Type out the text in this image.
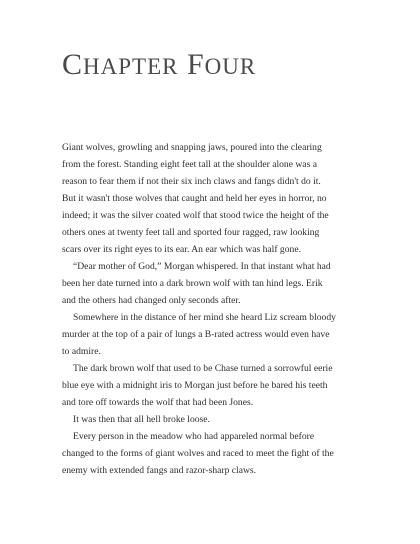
CHAPTER FOUR

Giant wolves, growling and snapping jaws, poured into the clearing
from the forest. Standing eight feet tall at the shoulder alone was a
reason to fear them if not their six inch claws and fangs didn't do it.
But it wasn't those wolves that caught and held her eyes in horror, no
indeed; it was the silver coated wolf that stood twice the height of the
others ones at twenty feet tall and sported four ragged, raw looking
scars over its right eyes to its ear. An ear which was half gone.

“Dear mother of God,” Morgan whispered. In that instant what had
been her date turned into a dark brown wolf with tan hind legs. Erik
and the others had changed only seconds after.

Somewhere in the distance of her mind she heard Liz scream bloody
murder at the top of a pair of lungs a B-rated actress would even have
to admire.

The dark brown wolf that used to be Chase turned a sorrowful eerie
blue eye with a midnight iris to Morgan just before he bared his teeth
and tore off towards the wolf that had been Jones.

It was then that all hell broke loose.

Every person in the meadow who had appareled normal before
changed to the forms of giant wolves and raced to meet the fight of the
enemy with extended fangs and razor-sharp claws.
